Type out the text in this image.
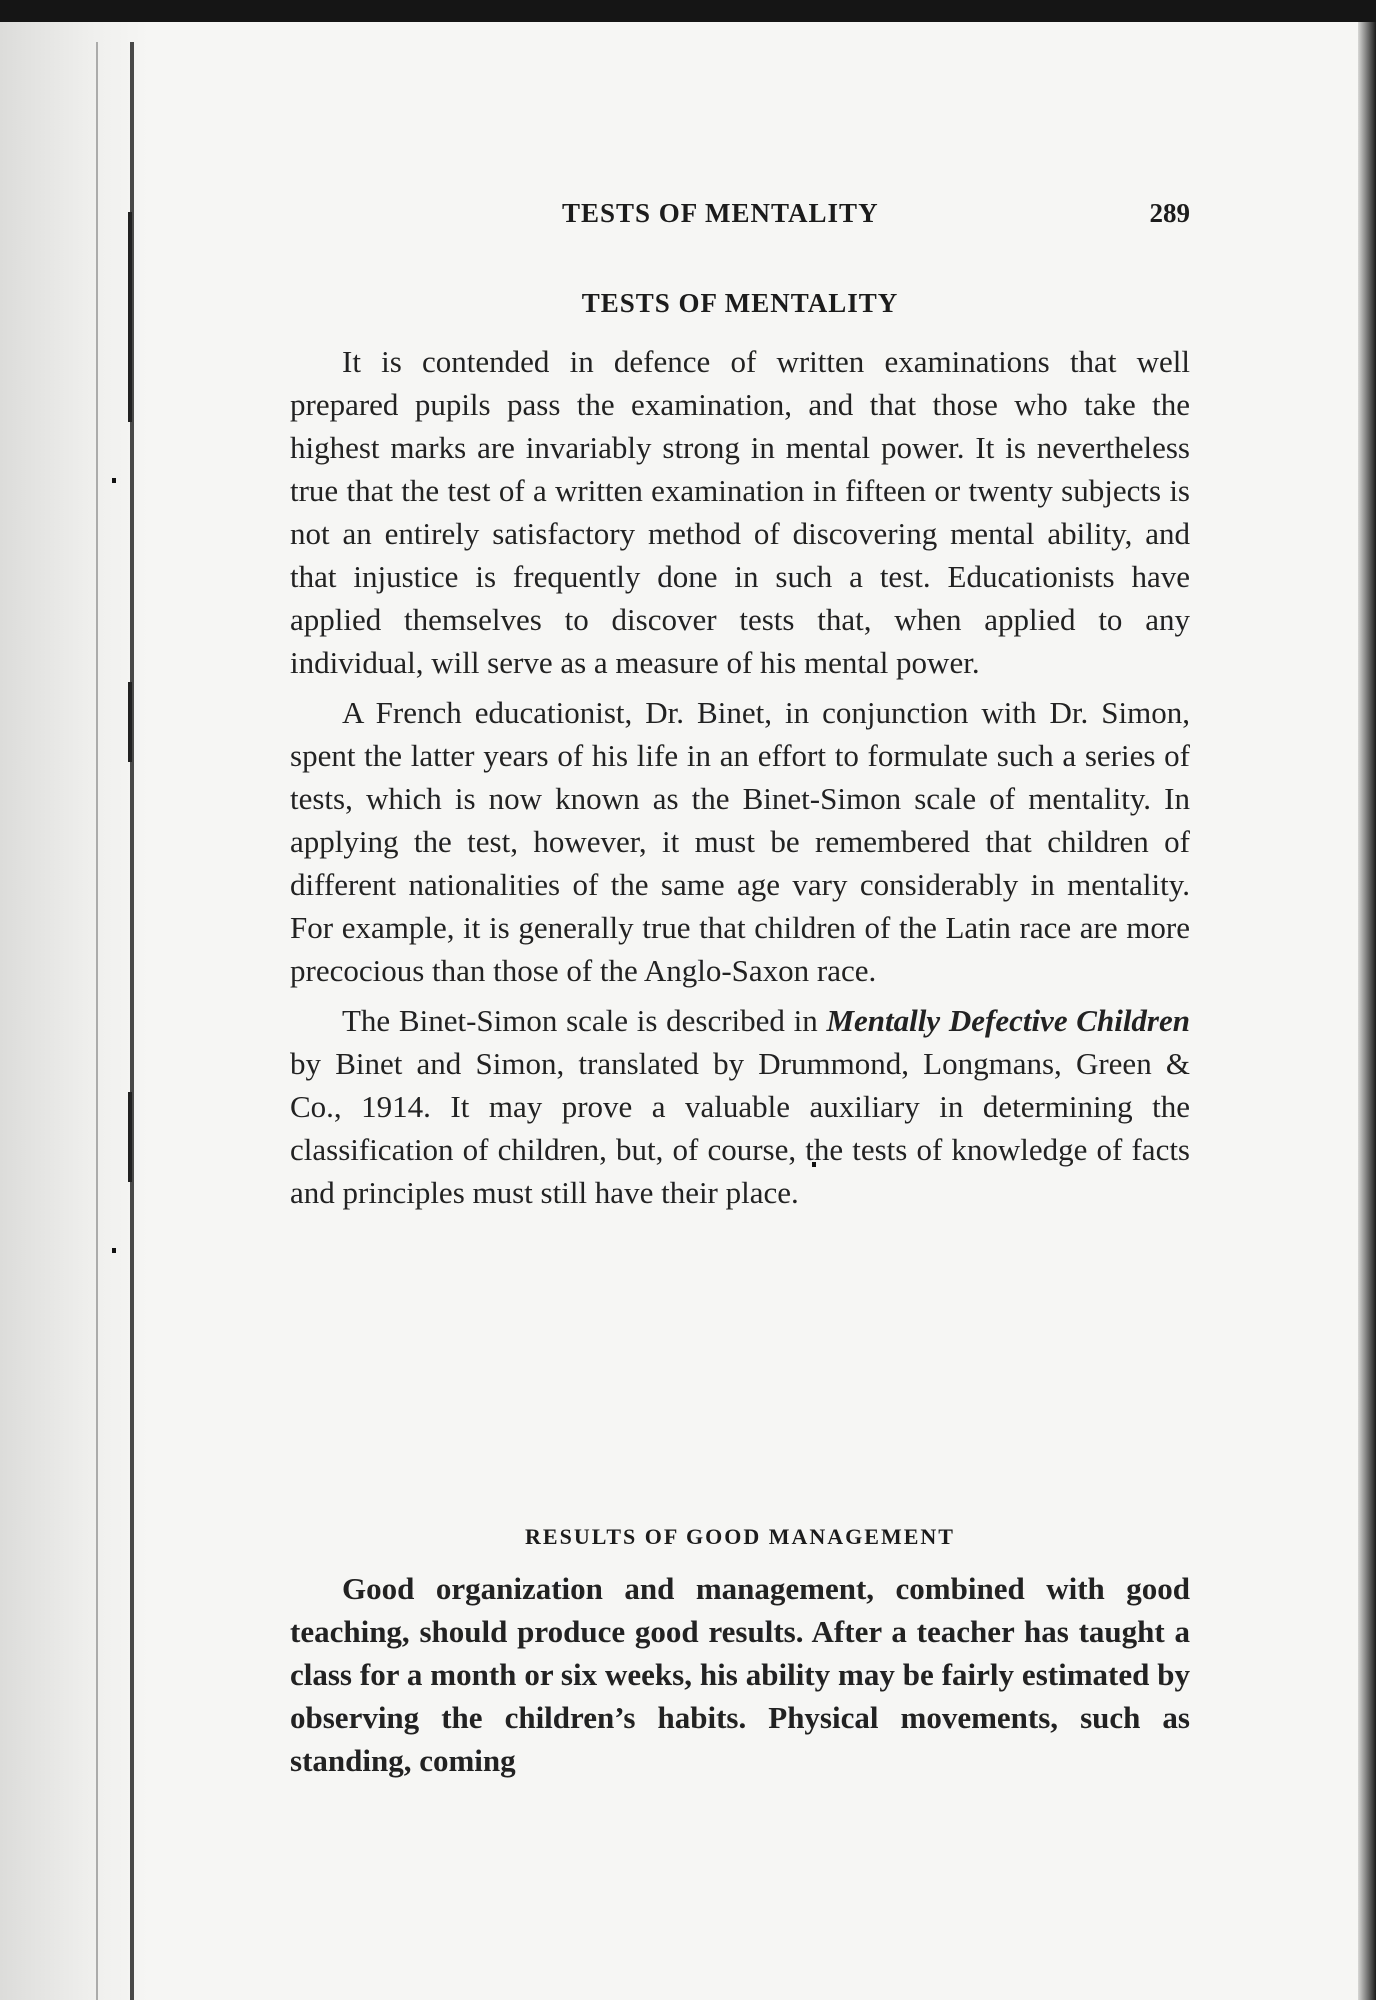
TESTS OF MENTALITY	289
TESTS OF MENTALITY

It is contended in defence of written examinations that well prepared pupils pass the examination, and that those who take the highest marks are invariably strong in mental power. It is nevertheless true that the test of a written examination in fifteen or twenty subjects is not an entirely satisfactory method of discovering mental ability, and that injustice is frequently done in such a test. Educationists have applied themselves to discover tests that, when applied to any individual, will serve as a measure of his mental power.

A French educationist, Dr. Binet, in conjunction with Dr. Simon, spent the latter years of his life in an effort to formulate such a series of tests, which is now known as the Binet-Simon scale of mentality. In applying the test, however, it must be remembered that children of different nationalities of the same age vary considerably in mentality. For example, it is generally true that children of the Latin race are more precocious than those of the Anglo-Saxon race.

The Binet-Simon scale is described in Mentally Defective Children by Binet and Simon, translated by Drummond, Longmans, Green & Co., 1914. It may prove a valuable auxiliary in determining the classification of children, but, of course, the tests of knowledge of facts and principles must still have their place.

RESULTS OF GOOD MANAGEMENT

Good organization and management, combined with good teaching, should produce good results. After a teacher has taught a class for a month or six weeks, his ability may be fairly estimated by observing the children’s habits. Physical movements, such as standing, coming
